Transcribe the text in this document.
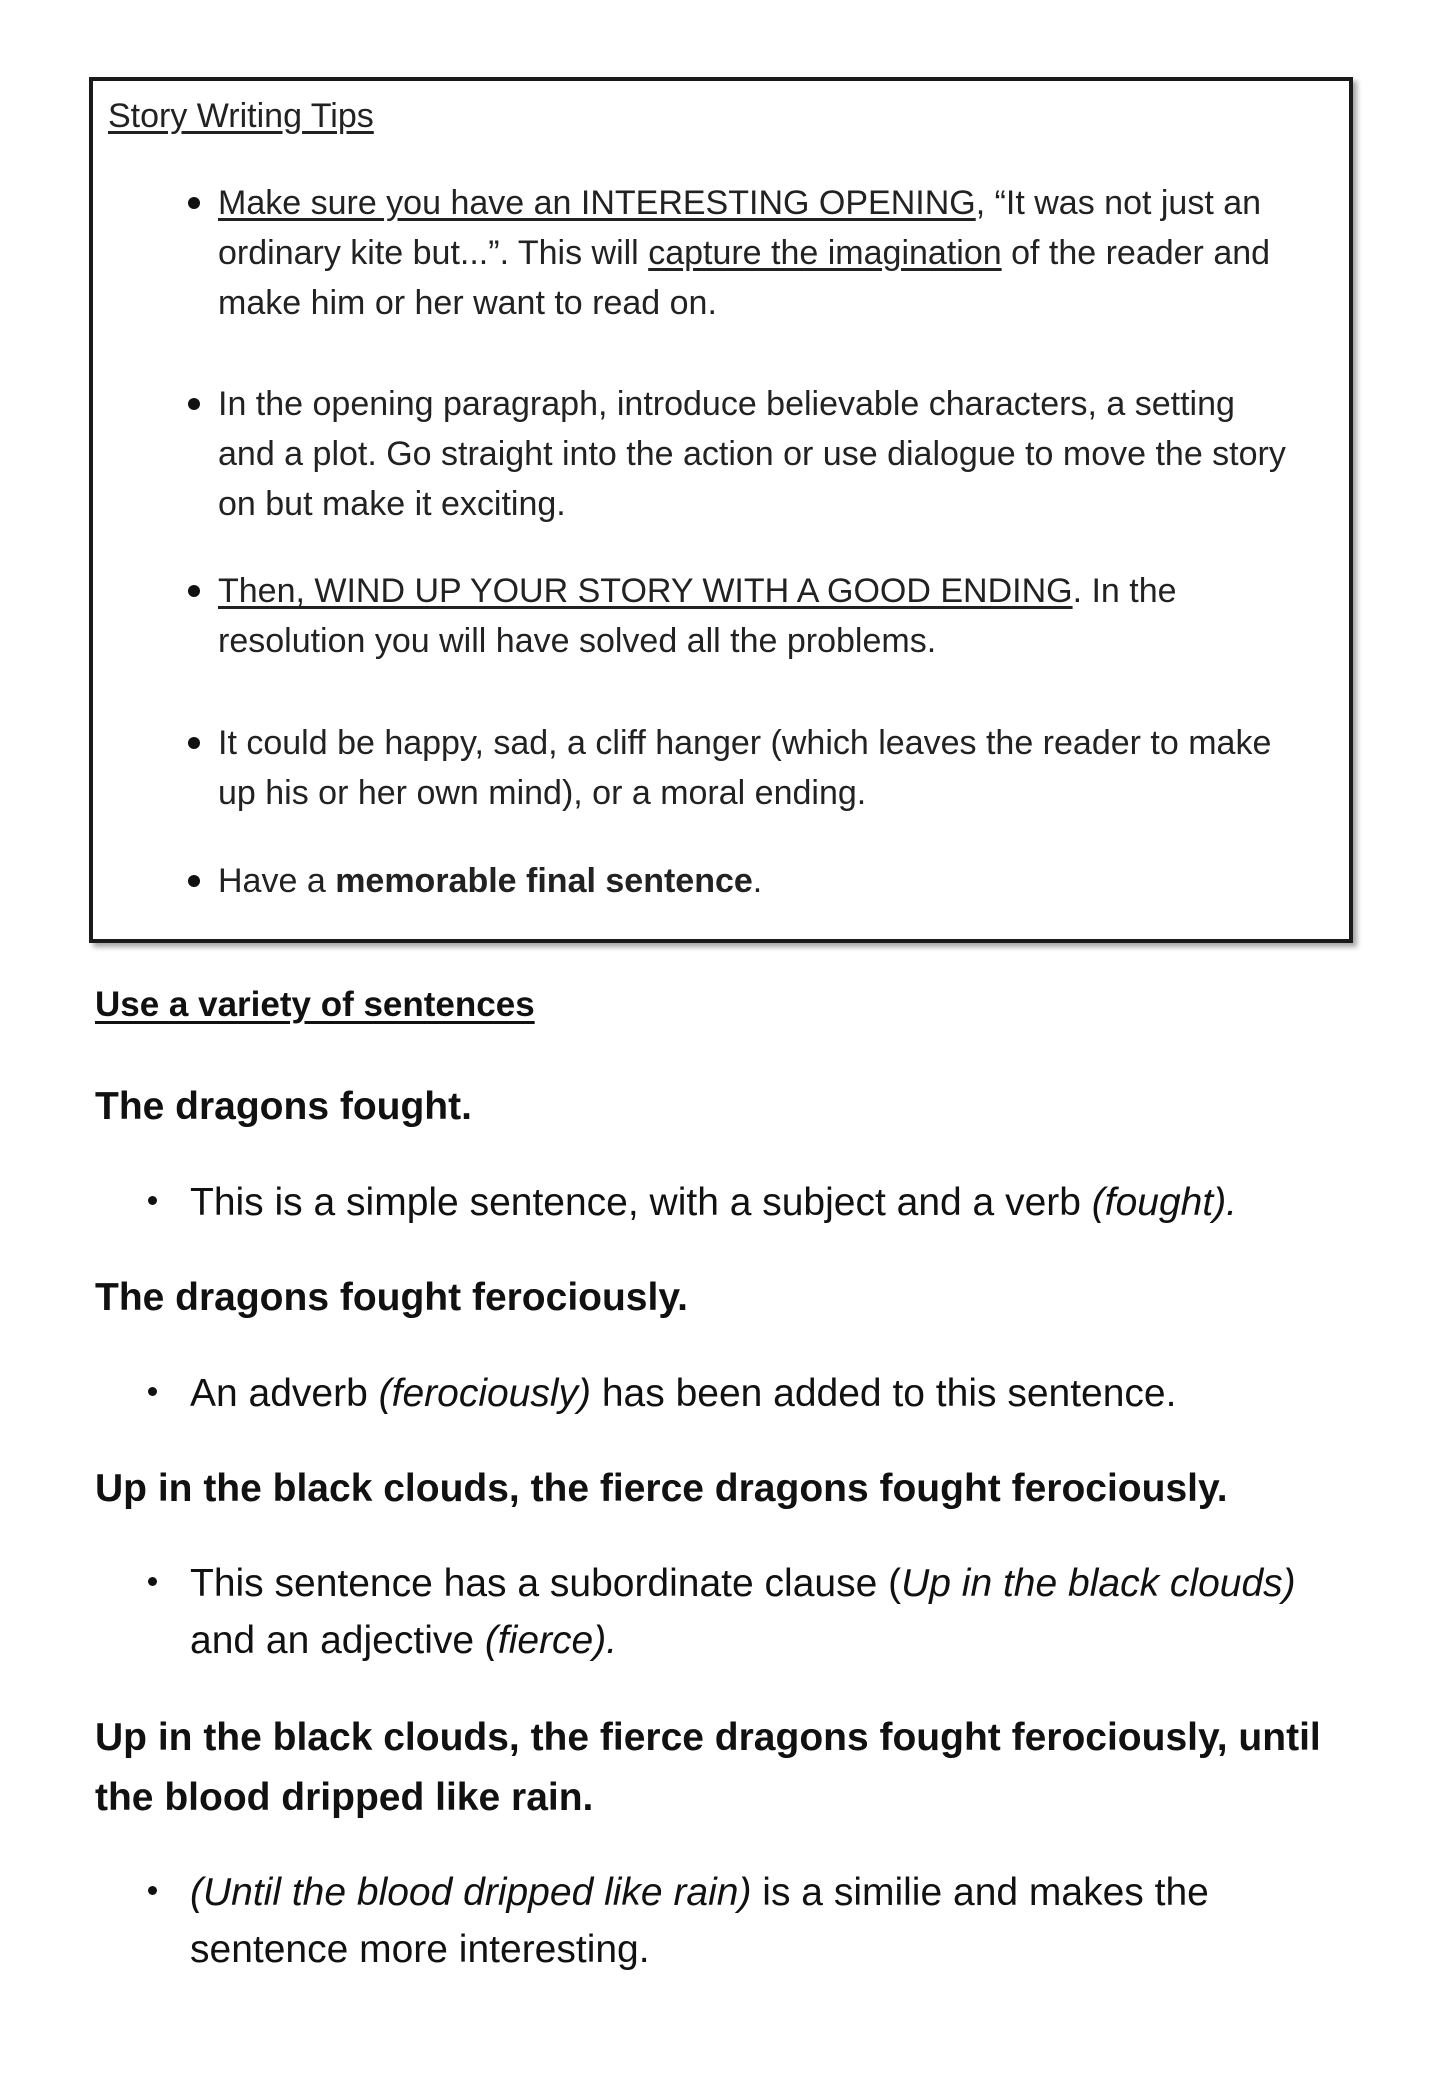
Story Writing Tips
Make sure you have an INTERESTING OPENING, “It was not just an ordinary kite but...”. This will capture the imagination of the reader and make him or her want to read on.
In the opening paragraph, introduce believable characters, a setting and a plot. Go straight into the action or use dialogue to move the story on but make it exciting.
Then, WIND UP YOUR STORY WITH A GOOD ENDING. In the resolution you will have solved all the problems.
It could be happy, sad, a cliff hanger (which leaves the reader to make up his or her own mind), or a moral ending.
Have a memorable final sentence.
Use a variety of sentences

The dragons fought.

This is a simple sentence, with a subject and a verb (fought).

The dragons fought ferociously.

An adverb (ferociously) has been added to this sentence.

Up in the black clouds, the fierce dragons fought ferociously.

This sentence has a subordinate clause (Up in the black clouds) and an adjective (fierce).

Up in the black clouds, the fierce dragons fought ferociously, until the blood dripped like rain.

(Until the blood dripped like rain) is a similie and makes the sentence more interesting.
